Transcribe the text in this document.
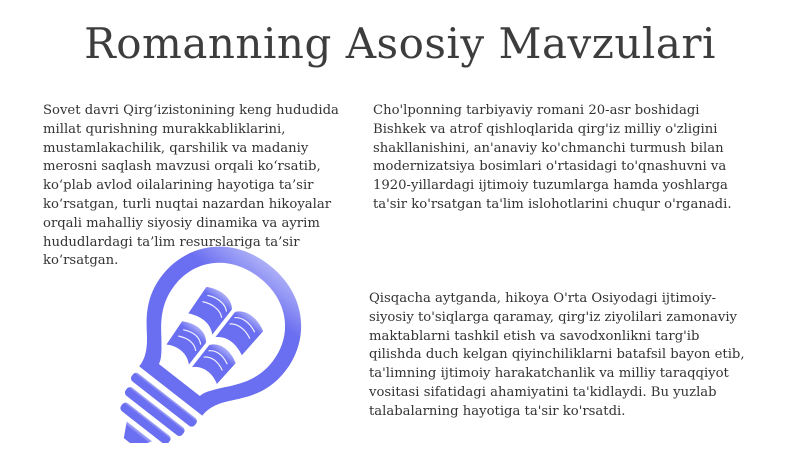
Romanning Asosiy Mavzulari

Sovet davri Qirg‘izistonining keng hududida millat qurishning murakkabliklarini, mustamlakachilik, qarshilik va madaniy merosni saqlash mavzusi orqali ko‘rsatib, ko‘plab avlod oilalarining hayotiga ta’sir ko‘rsatgan, turli nuqtai nazardan hikoyalar orqali mahalliy siyosiy dinamika va ayrim hududlardagi ta’lim resurslariga ta’sir ko‘rsatgan.

Cho'lponning tarbiyaviy romani 20-asr boshidagi Bishkek va atrof qishloqlarida qirg'iz milliy o'zligini shakllanishini, an'anaviy ko'chmanchi turmush bilan modernizatsiya bosimlari o'rtasidagi to'qnashuvni va 1920-yillardagi ijtimoiy tuzumlarga hamda yoshlarga ta'sir ko'rsatgan ta'lim islohotlarini chuqur o'rganadi.

Qisqacha aytganda, hikoya O'rta Osiyodagi ijtimoiy-siyosiy to'siqlarga qaramay, qirg'iz ziyolilari zamonaviy maktablarni tashkil etish va savodxonlikni targ'ib qilishda duch kelgan qiyinchiliklarni batafsil bayon etib, ta'limning ijtimoiy harakatchanlik va milliy taraqqiyot vositasi sifatidagi ahamiyatini ta'kidlaydi. Bu yuzlab talabalarning hayotiga ta'sir ko'rsatdi.
